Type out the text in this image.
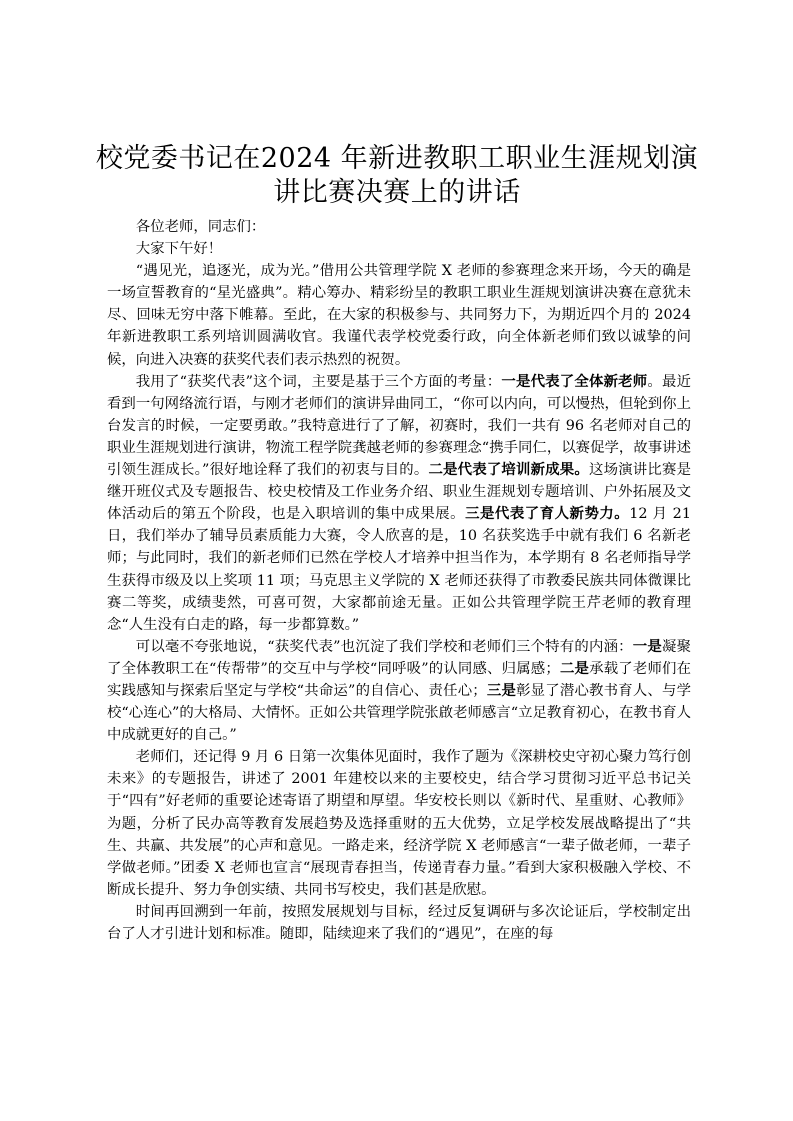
校党委书记在2024 年新进教职工职业生涯规划演讲比赛决赛上的讲话

各位老师，同志们：

大家下午好！

“遇见光，追逐光，成为光。”借用公共管理学院 X 老师的参赛理念来开场，今天的确是一场宣誓教育的“星光盛典”。精心筹办、精彩纷呈的教职工职业生涯规划演讲决赛在意犹未尽、回味无穷中落下帷幕。至此，在大家的积极参与、共同努力下，为期近四个月的 2024 年新进教职工系列培训圆满收官。我谨代表学校党委行政，向全体新老师们致以诚挚的问候，向进入决赛的获奖代表们表示热烈的祝贺。

我用了“获奖代表”这个词，主要是基于三个方面的考量：一是代表了全体新老师。最近看到一句网络流行语，与刚才老师们的演讲异曲同工，“你可以内向，可以慢热，但轮到你上台发言的时候，一定要勇敢。”我特意进行了了解，初赛时，我们一共有 96 名老师对自己的职业生涯规划进行演讲，物流工程学院龚越老师的参赛理念“携手同仁，以赛促学，故事讲述引领生涯成长。”很好地诠释了我们的初衷与目的。二是代表了培训新成果。这场演讲比赛是继开班仪式及专题报告、校史校情及工作业务介绍、职业生涯规划专题培训、户外拓展及文体活动后的第五个阶段，也是入职培训的集中成果展。三是代表了育人新势力。12 月 21 日，我们举办了辅导员素质能力大赛，令人欣喜的是，10 名获奖选手中就有我们 6 名新老师；与此同时，我们的新老师们已然在学校人才培养中担当作为，本学期有 8 名老师指导学生获得市级及以上奖项 11 项；马克思主义学院的 X 老师还获得了市教委民族共同体微课比赛二等奖，成绩斐然，可喜可贺，大家都前途无量。正如公共管理学院王芹老师的教育理念“人生没有白走的路，每一步都算数。”

可以毫不夸张地说，“获奖代表”也沉淀了我们学校和老师们三个特有的内涵：一是凝聚了全体教职工在“传帮带”的交互中与学校“同呼吸”的认同感、归属感；二是承载了老师们在实践感知与探索后坚定与学校“共命运”的自信心、责任心；三是彰显了潜心教书育人、与学校“心连心”的大格局、大情怀。正如公共管理学院张啟老师感言“立足教育初心，在教书育人中成就更好的自己。”

老师们，还记得 9 月 6 日第一次集体见面时，我作了题为《深耕校史守初心聚力笃行创未来》的专题报告，讲述了 2001 年建校以来的主要校史，结合学习贯彻习近平总书记关于“四有”好老师的重要论述寄语了期望和厚望。华安校长则以《新时代、星重财、心教师》为题，分析了民办高等教育发展趋势及选择重财的五大优势，立足学校发展战略提出了“共生、共赢、共发展”的心声和意见。一路走来，经济学院 X 老师感言“一辈子做老师，一辈子学做老师。”团委 X 老师也宣言“展现青春担当，传递青春力量。”看到大家积极融入学校、不断成长提升、努力争创实绩、共同书写校史，我们甚是欣慰。

时间再回溯到一年前，按照发展规划与目标，经过反复调研与多次论证后，学校制定出台了人才引进计划和标准。随即，陆续迎来了我们的“遇见”，在座的每
